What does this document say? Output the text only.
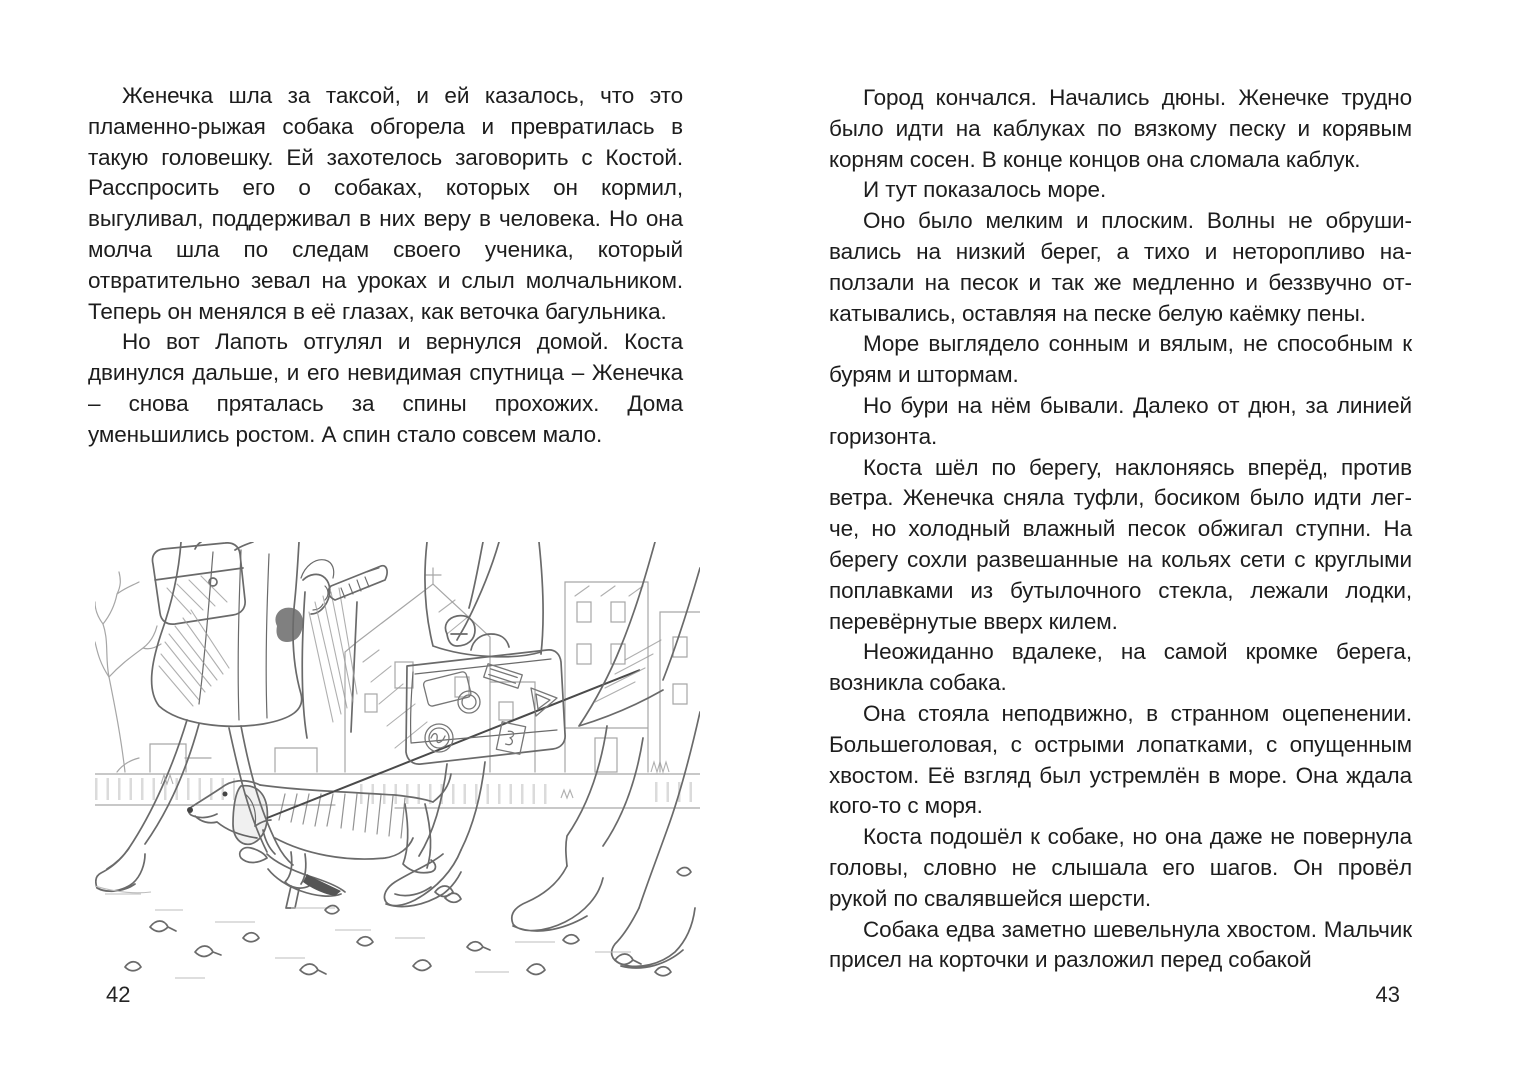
Женечка шла за таксой, и ей казалось, что это пламенно-рыжая собака обгорела и превратилась в такую головешку. Ей захотелось заговорить с Костой. Расспросить его о собаках, которых он кормил, выгуливал, поддерживал в них веру в человека. Но она молча шла по следам своего ученика, который отвратительно зевал на уроках и слыл молчальником. Теперь он менялся в её глазах, как веточка багульника.

Но вот Лапоть отгулял и вернулся домой. Коста двинулся дальше, и его невидимая спутница – Женечка – снова пряталась за спины прохожих. Дома уменьшились ростом. А спин стало совсем мало.

42

Город кончался. Начались дюны. Женечке трудно было идти на каблуках по вязкому песку и корявым корням сосен. В конце концов она сломала каблук.

И тут показалось море.

Оно было мелким и плоским. Волны не обрушивались на низкий берег, а тихо и неторопливо наползали на песок и так же медленно и беззвучно откатывались, оставляя на песке белую каёмку пены.

Море выглядело сонным и вялым, не способным к бурям и штормам.

Но бури на нём бывали. Далеко от дюн, за линией горизонта.

Коста шёл по берегу, наклоняясь вперёд, против ветра. Женечка сняла туфли, босиком было идти легче, но холодный влажный песок обжигал ступни. На берегу сохли развешанные на кольях сети с круглыми поплавками из бутылочного стекла, лежали лодки, перевёрнутые вверх килем.

Неожиданно вдалеке, на самой кромке берега, возникла собака.

Она стояла неподвижно, в странном оцепенении. Большеголовая, с острыми лопатками, с опущенным хвостом. Её взгляд был устремлён в море. Она ждала кого-то с моря.

Коста подошёл к собаке, но она даже не повернула головы, словно не слышала его шагов. Он провёл рукой по свалявшейся шерсти.

Собака едва заметно шевельнула хвостом. Мальчик присел на корточки и разложил перед собакой

43
